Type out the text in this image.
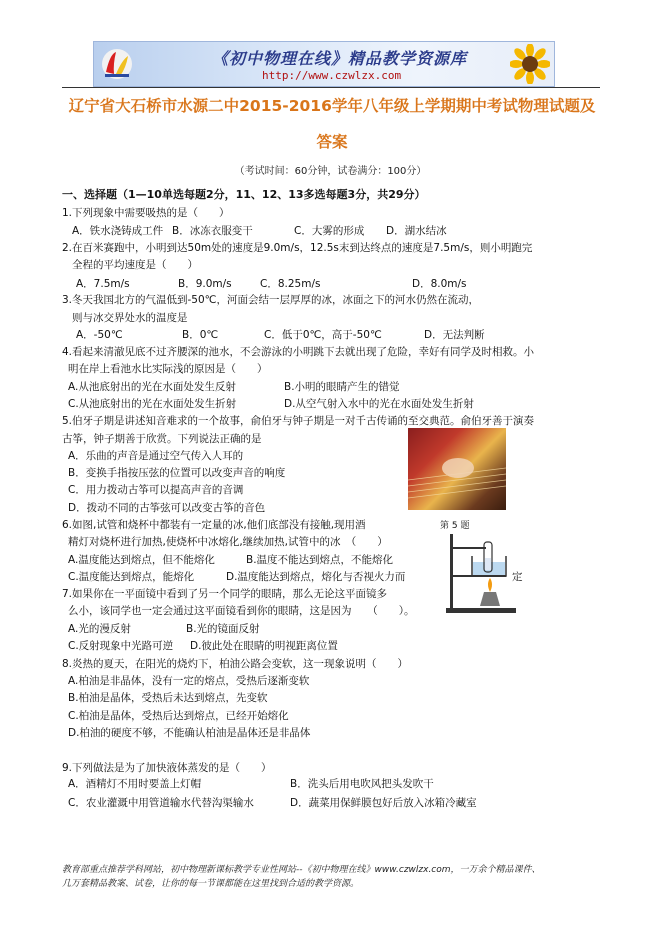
《初中物理在线》精品教学资源库
http://www.czwlzx.com
辽宁省大石桥市水源二中2015-2016学年八年级上学期期中考试物理试题及
答案
（考试时间：60分钟，试卷满分：100分）
一、选择题（1—10单选每题2分，11、12、13多选每题3分，共29分）
1.下列现象中需要吸热的是（　　）
A．铁水浇铸成工件 B．冰冻衣服变干	C．大雾的形成 D．湖水结冰
2.在百米赛跑中，小明到达50m处的速度是9.0m/s，12.5s末到达终点的速度是7.5m/s，则小明跑完
全程的平均速度是（　　）
A．7.5m/s	B．9.0m/s	C．8.25m/s	D．8.0m/s
3.冬天我国北方的气温低到-50℃，河面会结一层厚厚的冰，冰面之下的河水仍然在流动，
则与冰交界处水的温度是
A．-50℃	B．0℃	C．低于0℃，高于-50℃	D．无法判断
4.看起来清澈见底不过齐腰深的池水，不会游泳的小明跳下去就出现了危险，幸好有同学及时相救。小
明在岸上看池水比实际浅的原因是（　　）
A.从池底射出的光在水面处发生反射	B.小明的眼睛产生的错觉
C.从池底射出的光在水面处发生折射	D.从空气射入水中的光在水面处发生折射
5.伯牙子期是讲述知音难求的一个故事，俞伯牙与钟子期是一对千古传诵的至交典范。俞伯牙善于演奏
古筝，钟子期善于欣赏。下列说法正确的是
A．乐曲的声音是通过空气传入人耳的
B．变换手指按压弦的位置可以改变声音的响度
C．用力拨动古筝可以提高声音的音调
D．拨动不同的古筝弦可以改变古筝的音色
6.如图,试管和烧杯中都装有一定量的冰,他们底部没有接触,现用酒
精灯对烧杯进行加热,使烧杯中冰熔化,继续加热,试管中的冰　（　　）
A.温度能达到熔点，但不能熔化	B.温度不能达到熔点，不能熔化
C.温度能达到熔点，能熔化	D.温度能达到熔点，熔化与否视火力而	定
第 5 题
7.如果你在一平面镜中看到了另一个同学的眼睛，那么无论这平面镜多
么小，该同学也一定会通过这平面镜看到你的眼睛，这是因为　　（　　）。
A.光的漫反射	B.光的镜面反射
C.反射现象中光路可逆 D.彼此处在眼睛的明视距离位置
8.炎热的夏天，在阳光的烧灼下，柏油公路会变软，这一现象说明（　　）
A.柏油是非晶体，没有一定的熔点，受热后逐渐变软
B.柏油是晶体，受热后未达到熔点，先变软
C.柏油是晶体，受热后达到熔点，已经开始熔化
D.柏油的硬度不够，不能确认柏油是晶体还是非晶体
9.下列做法是为了加快液体蒸发的是（　　）
A．酒精灯不用时要盖上灯帽	B．洗头后用电吹风把头发吹干
C．农业灌溉中用管道输水代替沟渠输水	D．蔬菜用保鲜膜包好后放入冰箱冷藏室
教育部重点推荐学科网站，初中物理新课标教学专业性网站--《初中物理在线》www.czwlzx.com，一万余个精品课件、
几万套精品教案、试卷，让你的每一节课都能在这里找到合适的教学资源。
